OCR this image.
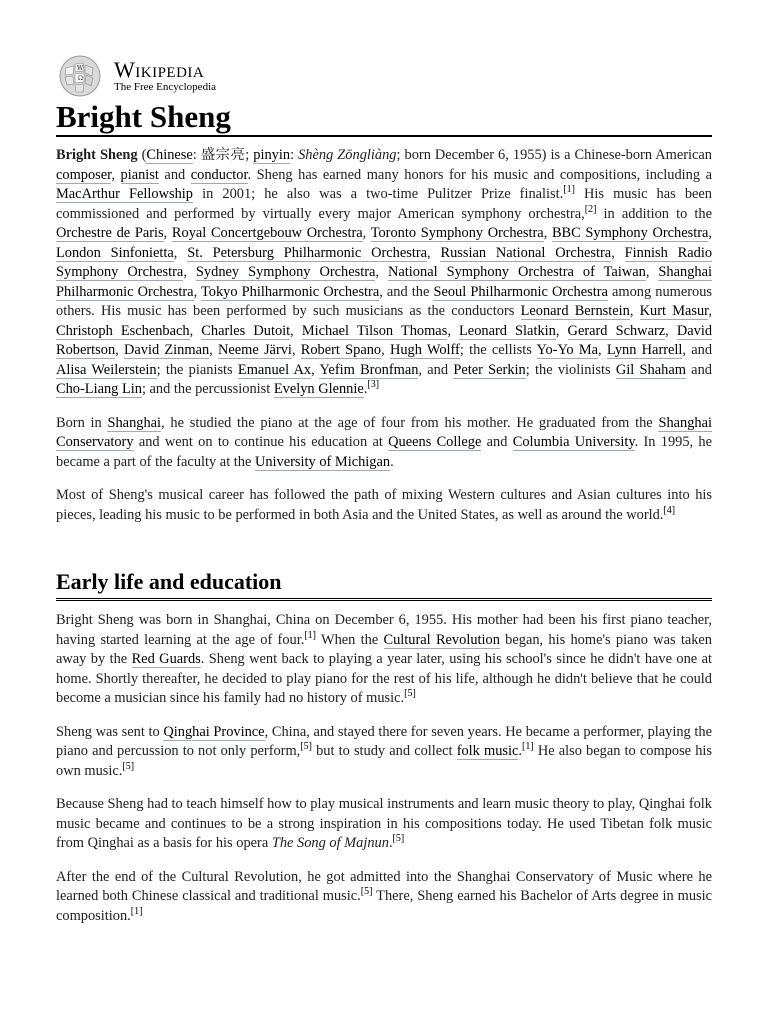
W
Ω Wikipedia
The Free Encyclopedia
Bright Sheng

Bright Sheng (Chinese: 盛宗亮; pinyin: Shèng Zōngliàng; born December 6, 1955) is a Chinese-born American composer, pianist and conductor. Sheng has earned many honors for his music and compositions, including a MacArthur Fellowship in 2001; he also was a two-time Pulitzer Prize finalist.[1] His music has been commissioned and performed by virtually every major American symphony orchestra,[2] in addition to the Orchestre de Paris, Royal Concertgebouw Orchestra, Toronto Symphony Orchestra, BBC Symphony Orchestra, London Sinfonietta, St. Petersburg Philharmonic Orchestra, Russian National Orchestra, Finnish Radio Symphony Orchestra, Sydney Symphony Orchestra, National Symphony Orchestra of Taiwan, Shanghai Philharmonic Orchestra, Tokyo Philharmonic Orchestra, and the Seoul Philharmonic Orchestra among numerous others. His music has been performed by such musicians as the conductors Leonard Bernstein, Kurt Masur, Christoph Eschenbach, Charles Dutoit, Michael Tilson Thomas, Leonard Slatkin, Gerard Schwarz, David Robertson, David Zinman, Neeme Järvi, Robert Spano, Hugh Wolff; the cellists Yo-Yo Ma, Lynn Harrell, and Alisa Weilerstein; the pianists Emanuel Ax, Yefim Bronfman, and Peter Serkin; the violinists Gil Shaham and Cho-Liang Lin; and the percussionist Evelyn Glennie.[3]

Born in Shanghai, he studied the piano at the age of four from his mother. He graduated from the Shanghai Conservatory and went on to continue his education at Queens College and Columbia University. In 1995, he became a part of the faculty at the University of Michigan.

Most of Sheng's musical career has followed the path of mixing Western cultures and Asian cultures into his pieces, leading his music to be performed in both Asia and the United States, as well as around the world.[4]

Early life and education

Bright Sheng was born in Shanghai, China on December 6, 1955. His mother had been his first piano teacher, having started learning at the age of four.[1] When the Cultural Revolution began, his home's piano was taken away by the Red Guards. Sheng went back to playing a year later, using his school's since he didn't have one at home. Shortly thereafter, he decided to play piano for the rest of his life, although he didn't believe that he could become a musician since his family had no history of music.[5]

Sheng was sent to Qinghai Province, China, and stayed there for seven years. He became a performer, playing the piano and percussion to not only perform,[5] but to study and collect folk music.[1] He also began to compose his own music.[5]

Because Sheng had to teach himself how to play musical instruments and learn music theory to play, Qinghai folk music became and continues to be a strong inspiration in his compositions today. He used Tibetan folk music from Qinghai as a basis for his opera The Song of Majnun.[5]

After the end of the Cultural Revolution, he got admitted into the Shanghai Conservatory of Music where he learned both Chinese classical and traditional music.[5] There, Sheng earned his Bachelor of Arts degree in music composition.[1]
